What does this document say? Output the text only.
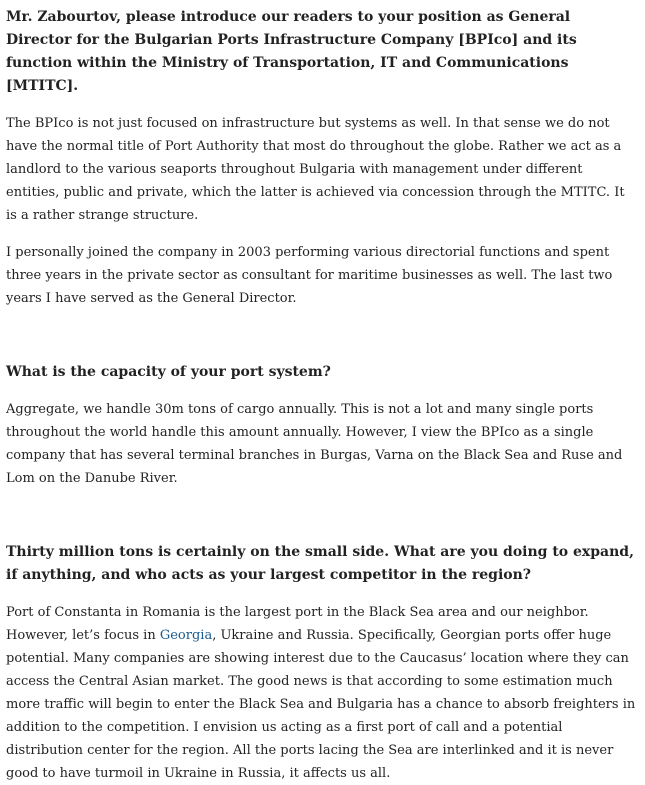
Mr. Zabourtov, please introduce our readers to your position as General Director for the Bulgarian Ports Infrastructure Company [BPIco] and its function within the Ministry of Transportation, IT and Communications [MTITC].

The BPIco is not just focused on infrastructure but systems as well. In that sense we do not have the normal title of Port Authority that most do throughout the globe. Rather we act as a landlord to the various seaports throughout Bulgaria with management under different entities, public and private, which the latter is achieved via concession through the MTITC. It is a rather strange structure.

I personally joined the company in 2003 performing various directorial functions and spent three years in the private sector as consultant for maritime businesses as well. The last two years I have served as the General Director.

What is the capacity of your port system?

Aggregate, we handle 30m tons of cargo annually. This is not a lot and many single ports throughout the world handle this amount annually. However, I view the BPIco as a single company that has several terminal branches in Burgas, Varna on the Black Sea and Ruse and Lom on the Danube River.

Thirty million tons is certainly on the small side. What are you doing to expand, if anything, and who acts as your largest competitor in the region?

Port of Constanta in Romania is the largest port in the Black Sea area and our neighbor. However, let’s focus in Georgia, Ukraine and Russia. Specifically, Georgian ports offer huge potential. Many companies are showing interest due to the Caucasus’ location where they can access the Central Asian market. The good news is that according to some estimation much more traffic will begin to enter the Black Sea and Bulgaria has a chance to absorb freighters in addition to the competition. I envision us acting as a first port of call and a potential distribution center for the region. All the ports lacing the Sea are interlinked and it is never good to have turmoil in Ukraine in Russia, it affects us all.
